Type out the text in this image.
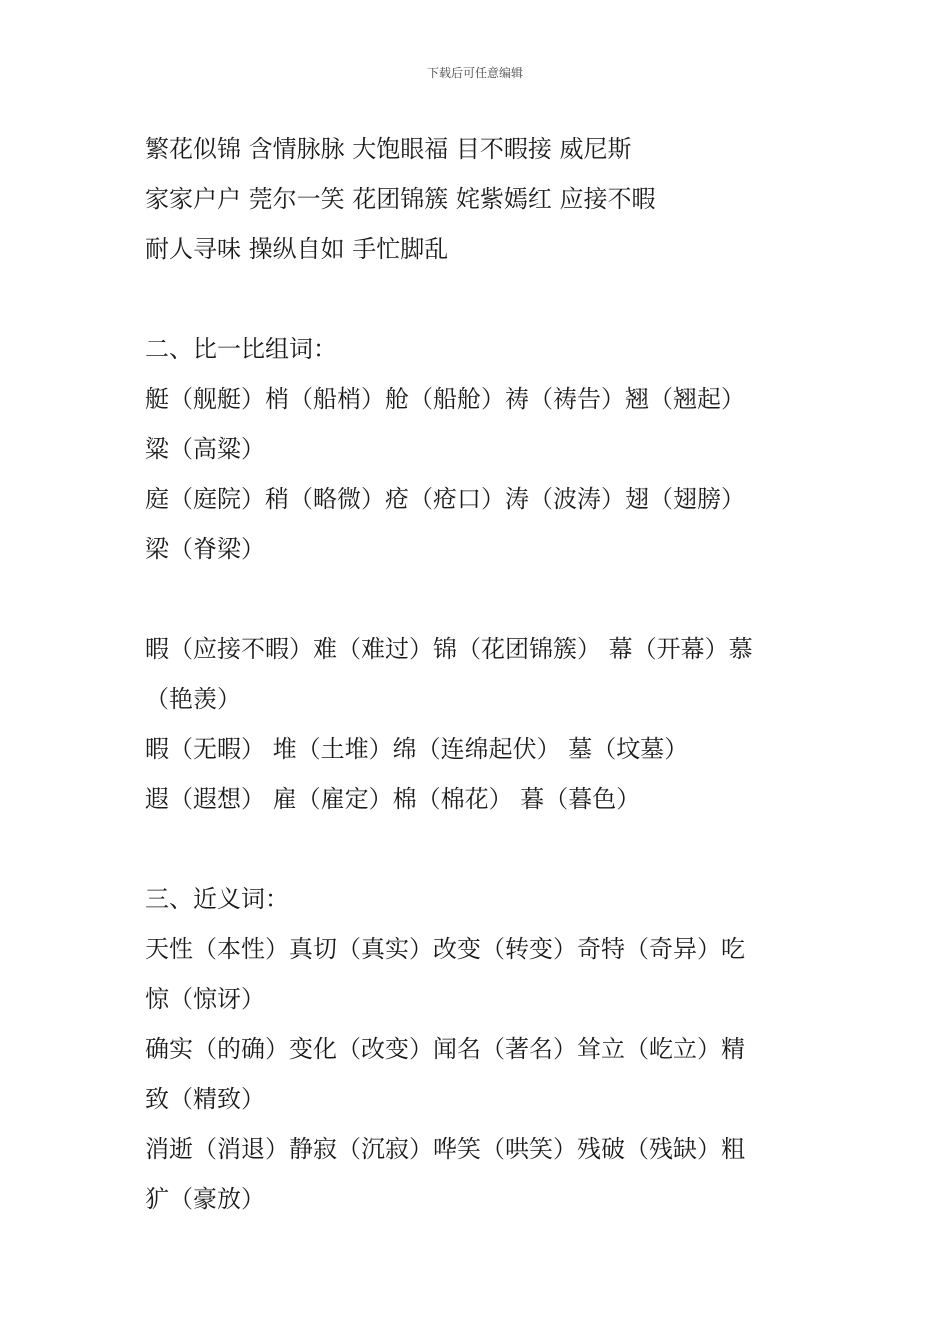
下载后可任意编辑
繁花似锦 含情脉脉 大饱眼福 目不暇接 威尼斯
家家户户 莞尔一笑 花团锦簇 姹紫嫣红 应接不暇
耐人寻味 操纵自如 手忙脚乱
二、比一比组词：
艇（舰艇）梢（船梢）舱（船舱）祷（祷告）翘（翘起）
粱（高粱）
庭（庭院）稍（略微）疮（疮口）涛（波涛）翅（翅膀）
梁（脊梁）
暇（应接不暇）难（难过）锦（花团锦簇） 幕（开幕）慕
（艳羡）
暇（无暇） 堆（土堆）绵（连绵起伏） 墓（坟墓）
遐（遐想） 雇（雇定）棉（棉花） 暮（暮色）
三、近义词：
天性（本性）真切（真实）改变（转变）奇特（奇异）吃
惊（惊讶）
确实（的确）变化（改变）闻名（著名）耸立（屹立）精
致（精致）
消逝（消退）静寂（沉寂）哗笑（哄笑）残破（残缺）粗
犷（豪放）
